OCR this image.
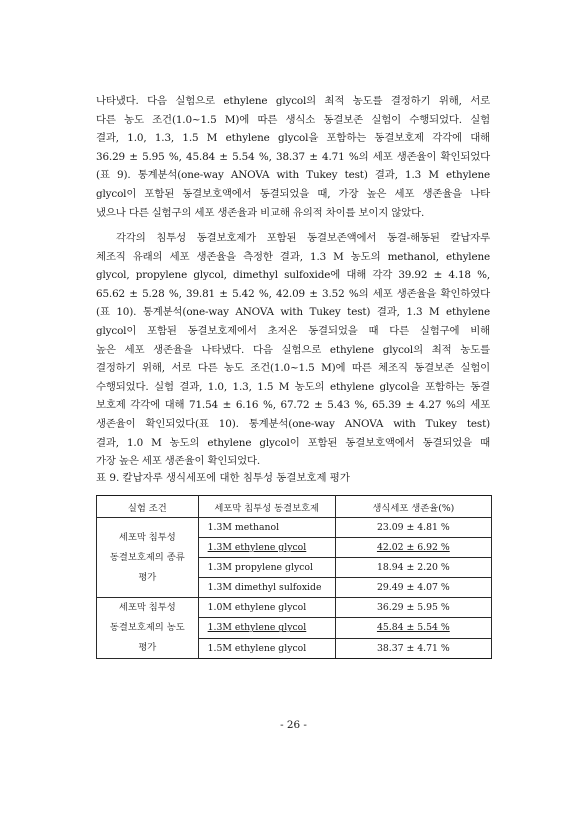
나타냈다. 다음 실험으로 ethylene glycol의 최적 농도를 결정하기 위해, 서로
다른 농도 조건(1.0~1.5 M)에 따른 생식소 동결보존 실험이 수행되었다. 실험
결과, 1.0, 1.3, 1.5 M ethylene glycol을 포함하는 동결보호제 각각에 대해
36.29 ± 5.95 %, 45.84 ± 5.54 %, 38.37 ± 4.71 %의 세포 생존율이 확인되었다
(표 9). 통계분석(one-way ANOVA with Tukey test) 결과, 1.3 M ethylene
glycol이 포함된 동결보호액에서 동결되었을 때, 가장 높은 세포 생존율을 나타
냈으나 다른 실험구의 세포 생존율과 비교해 유의적 차이를 보이지 않았다.
각각의 침투성 동결보호제가 포함된 동결보존액에서 동결-해동된 칼납자루
체조직 유래의 세포 생존율을 측정한 결과, 1.3 M 농도의 methanol, ethylene
glycol, propylene glycol, dimethyl sulfoxide에 대해 각각 39.92 ± 4.18 %,
65.62 ± 5.28 %, 39.81 ± 5.42 %, 42.09 ± 3.52 %의 세포 생존율을 확인하였다
(표 10). 통계분석(one-way ANOVA with Tukey test) 결과, 1.3 M ethylene
glycol이 포함된 동결보호제에서 초저온 동결되었을 때 다른 실험구에 비해
높은 세포 생존율을 나타냈다. 다음 실험으로 ethylene glycol의 최적 농도를
결정하기 위해, 서로 다른 농도 조건(1.0~1.5 M)에 따른 체조직 동결보존 실험이
수행되었다. 실험 결과, 1.0, 1.3, 1.5 M 농도의 ethylene glycol을 포함하는 동결
보호제 각각에 대해 71.54 ± 6.16 %, 67.72 ± 5.43 %, 65.39 ± 4.27 %의 세포
생존율이 확인되었다(표 10). 통계분석(one-way ANOVA with Tukey test)
결과, 1.0 M 농도의 ethylene glycol이 포함된 동결보호액에서 동결되었을 때
가장 높은 세포 생존율이 확인되었다.
표 9. 칼납자루 생식세포에 대한 침투성 동결보호제 평가
실험 조건	세포막 침투성 동결보호제	생식세포 생존율(%)
세포막 침투성
동결보호제의 종류
평가	1.3M methanol	23.09 ± 4.81 %
	1.3M ethylene glycol	42.02 ± 6.92 %
	1.3M propylene glycol	18.94 ± 2.20 %
	1.3M dimethyl sulfoxide	29.49 ± 4.07 %
세포막 침투성
동결보호제의 농도
평가	1.0M ethylene glycol	36.29 ± 5.95 %
	1.3M ethylene glycol	45.84 ± 5.54 %
	1.5M ethylene glycol	38.37 ± 4.71 %
- 26 -
